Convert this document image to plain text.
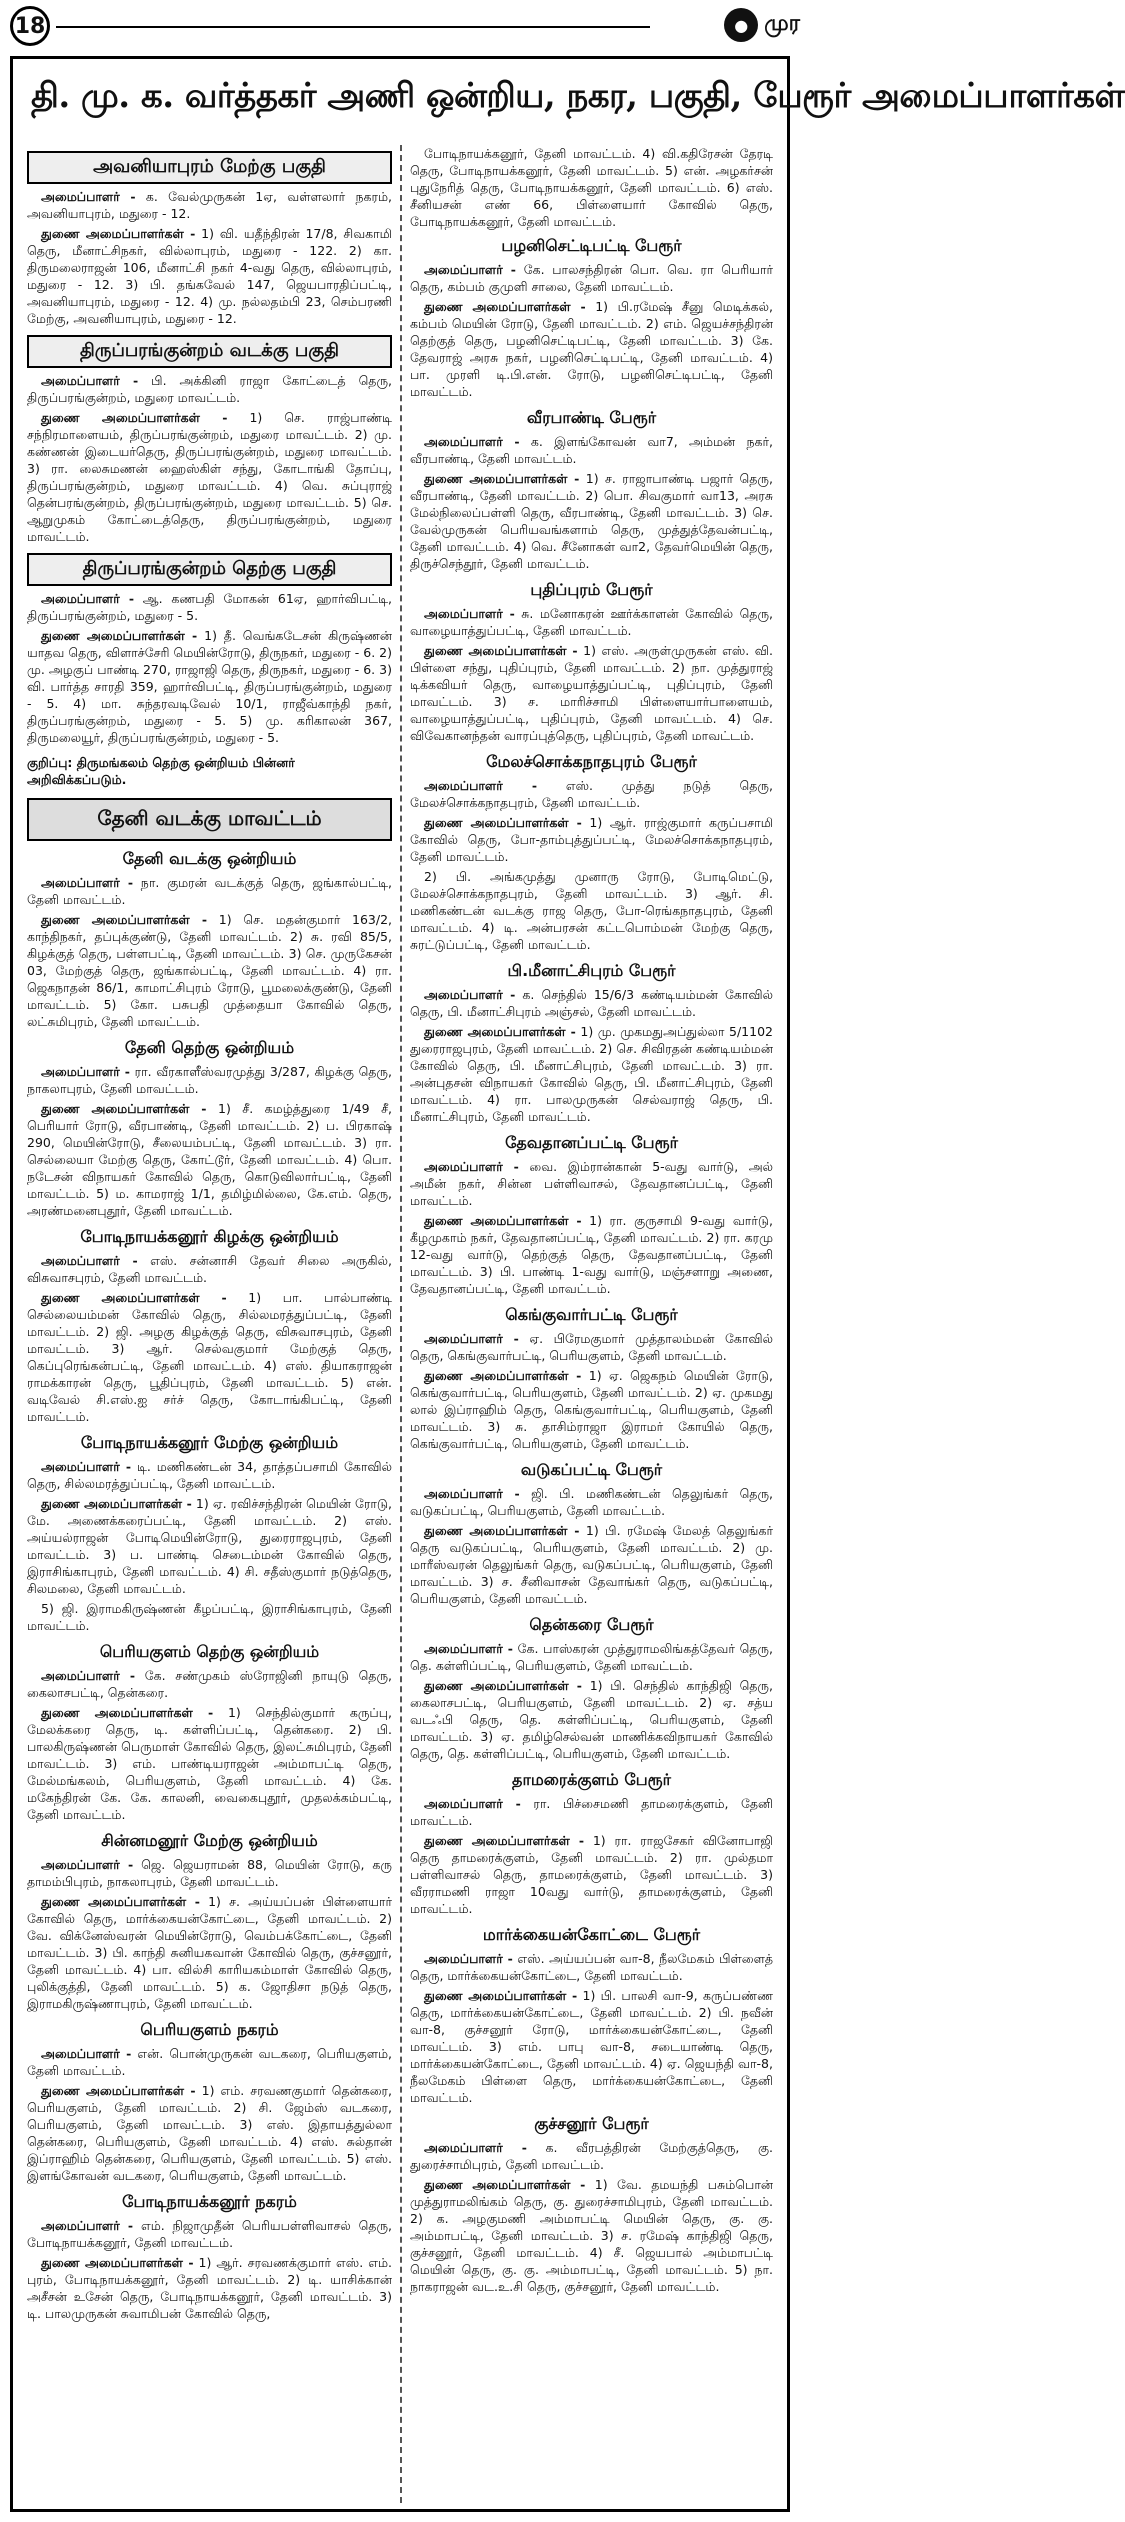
18	● முர
தி. மு. க. வர்த்தகர் அணி ஒன்றிய, நகர, பகுதி, பேரூர் அமைப்பாளர்கள்
அவனியாபுரம் மேற்கு பகுதி

அமைப்பாளர் - க. வேல்முருகன் 1ஏ, வள்ளலார் நகரம், அவனியாபுரம், மதுரை - 12.

துணை அமைப்பாளர்கள் - 1) வி. யதீந்திரன் 17/8, சிவகாமி தெரு, மீனாட்சிநகர், வில்லாபுரம், மதுரை - 122. 2) கா. திருமலைராஜன் 106, மீனாட்சி நகர் 4-வது தெரு, வில்லாபுரம், மதுரை - 12. 3) பி. தங்கவேல் 147, ஜெயபாரதிப்பட்டி, அவனியாபுரம், மதுரை - 12. 4) மு. நல்லதம்பி 23, செம்பரணி மேற்கு, அவனியாபுரம், மதுரை - 12.

திருப்பரங்குன்றம் வடக்கு பகுதி

அமைப்பாளர் - பி. அக்கினி ராஜா கோட்டைத் தெரு, திருப்பரங்குன்றம், மதுரை மாவட்டம்.

துணை அமைப்பாளர்கள் - 1) செ. ராஜ்பாண்டி சந்நிரமாளையம், திருப்பரங்குன்றம், மதுரை மாவட்டம். 2) மு. கண்ணன் இடையர்தெரு, திருப்பரங்குன்றம், மதுரை மாவட்டம். 3) ரா. லைசுமணன் ஹைஸ்கிள் சந்து, கோடாங்கி தோப்பு, திருப்பரங்குன்றம், மதுரை மாவட்டம். 4) வெ. சுப்புராஜ் தென்பரங்குன்றம், திருப்பரங்குன்றம், மதுரை மாவட்டம். 5) செ. ஆறுமுகம் கோட்டைத்தெரு, திருப்பரங்குன்றம், மதுரை மாவட்டம்.

திருப்பரங்குன்றம் தெற்கு பகுதி

அமைப்பாளர் - ஆ. கணபதி மோகன் 61ஏ, ஹார்விபட்டி, திருப்பரங்குன்றம், மதுரை - 5.

துணை அமைப்பாளர்கள் - 1) தீ. வெங்கடேசன் கிருஷ்ணன் யாதவ தெரு, விளாச்சேரி மெயின்ரோடு, திருநகர், மதுரை - 6. 2) மு. அழகுப் பாண்டி 270, ராஜாஜி தெரு, திருநகர், மதுரை - 6. 3) வி. பார்த்த சாரதி 359, ஹார்விபட்டி, திருப்பரங்குன்றம், மதுரை - 5. 4) மா. சுந்தரவடிவேல் 10/1, ராஜீவ்காந்தி நகர், திருப்பரங்குன்றம், மதுரை - 5. 5) மு. கரிகாலன் 367, திருமலையூர், திருப்பரங்குன்றம், மதுரை - 5.

குறிப்பு: திருமங்கலம் தெற்கு ஒன்றியம் பின்னர் அறிவிக்கப்படும்.
தேனி வடக்கு மாவட்டம்
தேனி வடக்கு ஒன்றியம்

அமைப்பாளர் - நா. குமரன் வடக்குத் தெரு, ஜங்கால்பட்டி, தேனி மாவட்டம்.

துணை அமைப்பாளர்கள் - 1) செ. மதன்குமார் 163/2, காந்திநகர், தப்புக்குண்டு, தேனி மாவட்டம். 2) சு. ரவி 85/5, கிழக்குத் தெரு, பள்ளபட்டி, தேனி மாவட்டம். 3) செ. முருகேசன் 03, மேற்குத் தெரு, ஜங்கால்பட்டி, தேனி மாவட்டம். 4) ரா. ஜெகநாதன் 86/1, காமாட்சிபுரம் ரோடு, பூமலைக்குண்டு, தேனி மாவட்டம். 5) கோ. பசுபதி முத்தையா கோவில் தெரு, லட்சுமிபுரம், தேனி மாவட்டம்.

தேனி தெற்கு ஒன்றியம்

அமைப்பாளர் - ரா. வீரகாளீஸ்வரமுத்து 3/287, கிழக்கு தெரு, நாகலாபுரம், தேனி மாவட்டம்.

துணை அமைப்பாளர்கள் - 1) சீ. கமழ்த்துரை 1/49 சீ, பெரியார் ரோடு, வீரபாண்டி, தேனி மாவட்டம். 2) ப. பிரகாஷ் 290, மெயின்ரோடு, சீலையம்பட்டி, தேனி மாவட்டம். 3) ரா. செல்லையா மேற்கு தெரு, கோட்டூர், தேனி மாவட்டம். 4) பொ. நடேசன் விநாயகர் கோவில் தெரு, கொடுவிலார்பட்டி, தேனி மாவட்டம். 5) ம. காமராஜ் 1/1, தமிழ்மில்லை, கே.எம். தெரு, அரண்மனைபுதூர், தேனி மாவட்டம்.

போடிநாயக்கனூர் கிழக்கு ஒன்றியம்

அமைப்பாளர் - எஸ். சன்னாசி தேவர் சிலை அருகில், விசுவாசபுரம், தேனி மாவட்டம்.

துணை அமைப்பாளர்கள் - 1) பா. பால்பாண்டி செல்லையம்மன் கோவில் தெரு, சில்லமரத்துப்பட்டி, தேனி மாவட்டம். 2) ஜி. அழகு கிழக்குத் தெரு, விசுவாசபுரம், தேனி மாவட்டம். 3) ஆர். செல்வகுமார் மேற்குத் தெரு, கெப்புரெங்கன்பட்டி, தேனி மாவட்டம். 4) எஸ். தியாகராஜன் ராமக்காரன் தெரு, பூதிப்புரம், தேனி மாவட்டம். 5) என். வடிவேல் சி.எஸ்.ஐ சர்ச் தெரு, கோடாங்கிபட்டி, தேனி மாவட்டம்.

போடிநாயக்கனூர் மேற்கு ஒன்றியம்

அமைப்பாளர் - டி. மணிகண்டன் 34, தாத்தப்பசாமி கோவில் தெரு, சில்லமரத்துப்பட்டி, தேனி மாவட்டம்.

துணை அமைப்பாளர்கள் - 1) ஏ. ரவிச்சந்திரன் மெயின் ரோடு, மே. அணைக்கரைப்பட்டி, தேனி மாவட்டம். 2) எஸ். அய்யல்ராஜன் போடிமெயின்ரோடு, துரைராஜபுரம், தேனி மாவட்டம். 3) ப. பாண்டி செடைம்மன் கோவில் தெரு, இராசிங்காபுரம், தேனி மாவட்டம். 4) சி. சதீஸ்குமார் நடுத்தெரு, சிலமலை, தேனி மாவட்டம்.

5) ஜி. இராமகிருஷ்ணன் கீழப்பட்டி, இராசிங்காபுரம், தேனி மாவட்டம்.

பெரியகுளம் தெற்கு ஒன்றியம்

அமைப்பாளர் - கே. சண்முகம் ஸ்ரோஜினி நாயுடு தெரு, கைலாசபட்டி, தென்கரை.

துணை அமைப்பாளர்கள் - 1) செந்தில்குமார் கருப்பு, மேலக்கரை தெரு, டி. கள்ளிப்பட்டி, தென்கரை. 2) பி. பாலகிருஷ்ணன் பெருமாள் கோவில் தெரு, இலட்சுமிபுரம், தேனி மாவட்டம். 3) எம். பாண்டியராஜன் அம்மாபட்டி தெரு, மேல்மங்கலம், பெரியகுளம், தேனி மாவட்டம். 4) கே. மகேந்திரன் கே. கே. காலனி, வைகைபுதூர், முதலக்கம்பட்டி, தேனி மாவட்டம்.

சின்னமனூர் மேற்கு ஒன்றியம்

அமைப்பாளர் - ஜெ. ஜெயராமன் 88, மெயின் ரோடு, கரு தாமம்பிபுரம், நாகலாபுரம், தேனி மாவட்டம்.

துணை அமைப்பாளர்கள் - 1) ச. அய்யப்பன் பிள்ளையார் கோவில் தெரு, மார்க்கையன்கோட்டை, தேனி மாவட்டம். 2) வே. விக்னேஸ்வரன் மெயின்ரோடு, வெம்பக்கோட்டை, தேனி மாவட்டம். 3) பி. காந்தி சுனியகவான் கோவில் தெரு, குச்சனூர், தேனி மாவட்டம். 4) பா. வில்சி காரியகம்மாள் கோவில் தெரு, புலிக்குத்தி, தேனி மாவட்டம். 5) க. ஜோதிசா நடுத் தெரு, இராமகிருஷ்ணாபுரம், தேனி மாவட்டம்.

பெரியகுளம் நகரம்

அமைப்பாளர் - என். பொன்முருகன் வடகரை, பெரியகுளம், தேனி மாவட்டம்.

துணை அமைப்பாளர்கள் - 1) எம். சரவணகுமார் தென்கரை, பெரியகுளம், தேனி மாவட்டம். 2) சி. ஜேம்ஸ் வடகரை, பெரியகுளம், தேனி மாவட்டம். 3) எஸ். இதாயத்துல்லா தென்கரை, பெரியகுளம், தேனி மாவட்டம். 4) எஸ். சுல்தான் இப்ராஹிம் தென்கரை, பெரியகுளம், தேனி மாவட்டம். 5) எஸ். இளங்கோவன் வடகரை, பெரியகுளம், தேனி மாவட்டம்.

போடிநாயக்கனூர் நகரம்

அமைப்பாளர் - எம். நிஜாமுதீன் பெரியபள்ளிவாசல் தெரு, போடிநாயக்கனூர், தேனி மாவட்டம்.

துணை அமைப்பாளர்கள் - 1) ஆர். சரவணக்குமார் எஸ். எம். புரம், போடிநாயக்கனூர், தேனி மாவட்டம். 2) டி. யாசிக்கான் அசீசன் உசேன் தெரு, போடிநாயக்கனூர், தேனி மாவட்டம். 3) டி. பாலமுருகன் சுவாமிபன் கோவில் தெரு,

போடிநாயக்கனூர், தேனி மாவட்டம். 4) வி.கதிரேசன் தேரடி தெரு, போடிநாயக்கனூர், தேனி மாவட்டம். 5) என். அழகர்சன் புதுநேரித் தெரு, போடிநாயக்கனூர், தேனி மாவட்டம். 6) எஸ். சீனியசன் எண் 66, பிள்ளையார் கோவில் தெரு, போடிநாயக்கனூர், தேனி மாவட்டம்.

பழனிசெட்டிபட்டி பேரூர்

அமைப்பாளர் - கே. பாலசந்திரன் பொ. வெ. ரா பெரியார் தெரு, கம்பம் குமுளி சாலை, தேனி மாவட்டம்.

துணை அமைப்பாளர்கள் - 1) பி.ரமேஷ் சீனு மெடிக்கல், கம்பம் மெயின் ரோடு, தேனி மாவட்டம். 2) எம். ஜெயச்சந்திரன் தெற்குத் தெரு, பழனிசெட்டிபட்டி, தேனி மாவட்டம். 3) கே. தேவராஜ் அரசு நகர், பழனிசெட்டிபட்டி, தேனி மாவட்டம். 4) பா. முரளி டி.பி.என். ரோடு, பழனிசெட்டிபட்டி, தேனி மாவட்டம்.

வீரபாண்டி பேரூர்

அமைப்பாளர் - க. இளங்கோவன் வா7, அம்மன் நகர், வீரபாண்டி, தேனி மாவட்டம்.

துணை அமைப்பாளர்கள் - 1) ச. ராஜாபாண்டி பஜார் தெரு, வீரபாண்டி, தேனி மாவட்டம். 2) பொ. சிவகுமார் வா13, அரசு மேல்நிலைப்பள்ளி தெரு, வீரபாண்டி, தேனி மாவட்டம். 3) செ. வேல்முருகன் பெரியவங்களாம் தெரு, முத்துத்தேவன்பட்டி, தேனி மாவட்டம். 4) வெ. சீனோகள் வா2, தேவர்மெயின் தெரு, திருச்செந்தூர், தேனி மாவட்டம்.

புதிப்புரம் பேரூர்

அமைப்பாளர் - சு. மனோகரன் ஊர்க்காளன் கோவில் தெரு, வாழையாத்துப்பட்டி, தேனி மாவட்டம்.

துணை அமைப்பாளர்கள் - 1) எஸ். அருள்முருகன் எஸ். வி. பிள்ளை சந்து, புதிப்புரம், தேனி மாவட்டம். 2) நா. முத்துராஜ் டிக்கவியர் தெரு, வாழையாத்துப்பட்டி, புதிப்புரம், தேனி மாவட்டம். 3) ச. மாரிச்சாமி பிள்ளையார்பாளையம், வாழையாத்துப்பட்டி, புதிப்புரம், தேனி மாவட்டம். 4) செ. விவேகானந்தன் வாரப்புத்தெரு, புதிப்புரம், தேனி மாவட்டம்.

மேலச்சொக்கநாதபுரம் பேரூர்

அமைப்பாளர் - எஸ். முத்து நடுத் தெரு, மேலச்சொக்கநாதபுரம், தேனி மாவட்டம்.

துணை அமைப்பாளர்கள் - 1) ஆர். ராஜ்குமார் கருப்பசாமி கோவில் தெரு, போ-தாம்புத்துப்பட்டி, மேலச்சொக்கநாதபுரம், தேனி மாவட்டம்.

2) பி. அங்கமுத்து முனாரு ரோடு, போடிமெட்டு, மேலச்சொக்கநாதபுரம், தேனி மாவட்டம். 3) ஆர். சி. மணிகண்டன் வடக்கு ராஜ தெரு, போ-ரெங்கநாதபுரம், தேனி மாவட்டம். 4) டி. அன்பரசன் கட்டபொம்மன் மேற்கு தெரு, சுரட்டுப்பட்டி, தேனி மாவட்டம்.

பி.மீனாட்சிபுரம் பேரூர்

அமைப்பாளர் - க. செந்தில் 15/6/3 கண்டியம்மன் கோவில் தெரு, பி. மீனாட்சிபுரம் அஞ்சல், தேனி மாவட்டம்.

துணை அமைப்பாளர்கள் - 1) மு. முகமதுஅப்துல்லா 5/1102 துரைராஜபுரம், தேனி மாவட்டம். 2) செ. சிவிரதன் கண்டியம்மன் கோவில் தெரு, பி. மீனாட்சிபுரம், தேனி மாவட்டம். 3) ரா. அன்புதசன் விநாயகர் கோவில் தெரு, பி. மீனாட்சிபுரம், தேனி மாவட்டம். 4) ரா. பாலமுருகன் செல்வராஜ் தெரு, பி. மீனாட்சிபுரம், தேனி மாவட்டம்.

தேவதானப்பட்டி பேரூர்

அமைப்பாளர் - வை. இம்ரான்கான் 5-வது வார்டு, அல் அமீன் நகர், சின்ன பள்ளிவாசல், தேவதானப்பட்டி, தேனி மாவட்டம்.

துணை அமைப்பாளர்கள் - 1) ரா. குருசாமி 9-வது வார்டு, கீழமுகாம் நகர், தேவதானப்பட்டி, தேனி மாவட்டம். 2) ரா. கரமு 12-வது வார்டு, தெற்குத் தெரு, தேவதானப்பட்டி, தேனி மாவட்டம். 3) பி. பாண்டி 1-வது வார்டு, மஞ்சளாறு அணை, தேவதானப்பட்டி, தேனி மாவட்டம்.

கெங்குவார்பட்டி பேரூர்

அமைப்பாளர் - ஏ. பிரேமகுமார் முத்தாலம்மன் கோவில் தெரு, கெங்குவார்பட்டி, பெரியகுளம், தேனி மாவட்டம்.

துணை அமைப்பாளர்கள் - 1) ஏ. ஜெகநம் மெயின் ரோடு, கெங்குவார்பட்டி, பெரியகுளம், தேனி மாவட்டம். 2) ஏ. முகமது லால் இப்ராஹிம் தெரு, கெங்குவார்பட்டி, பெரியகுளம், தேனி மாவட்டம். 3) சு. தாசிம்ராஜா இராமர் கோயில் தெரு, கெங்குவார்பட்டி, பெரியகுளம், தேனி மாவட்டம்.

வடுகப்பட்டி பேரூர்

அமைப்பாளர் - ஜி. பி. மணிகண்டன் தெலுங்கர் தெரு, வடுகப்பட்டி, பெரியகுளம், தேனி மாவட்டம்.

துணை அமைப்பாளர்கள் - 1) பி. ரமேஷ் மேலத் தெலுங்கர் தெரு வடுகப்பட்டி, பெரியகுளம், தேனி மாவட்டம். 2) மு. மாரீஸ்வரன் தெலுங்கர் தெரு, வடுகப்பட்டி, பெரியகுளம், தேனி மாவட்டம். 3) ச. சீனிவாசன் தேவாங்கர் தெரு, வடுகப்பட்டி, பெரியகுளம், தேனி மாவட்டம்.

தென்கரை பேரூர்

அமைப்பாளர் - கே. பாஸ்கரன் முத்துராமலிங்கத்தேவர் தெரு, தெ. கள்ளிப்பட்டி, பெரியகுளம், தேனி மாவட்டம்.

துணை அமைப்பாளர்கள் - 1) பி. செந்தில் காந்திஜி தெரு, கைலாசபட்டி, பெரியகுளம், தேனி மாவட்டம். 2) ஏ. சத்ய வடஃபி தெரு, தெ. கள்ளிப்பட்டி, பெரியகுளம், தேனி மாவட்டம். 3) ஏ. தமிழ்செல்வன் மாணிக்கவிநாயகர் கோவில் தெரு, தெ. கள்ளிப்பட்டி, பெரியகுளம், தேனி மாவட்டம்.

தாமரைக்குளம் பேரூர்

அமைப்பாளர் - ரா. பிச்சைமணி தாமரைக்குளம், தேனி மாவட்டம்.

துணை அமைப்பாளர்கள் - 1) ரா. ராஜசேகர் வினோபாஜி தெரு தாமரைக்குளம், தேனி மாவட்டம். 2) ரா. முல்தமா பள்ளிவாசல் தெரு, தாமரைக்குளம், தேனி மாவட்டம். 3) வீரராமணி ராஜா 10வது வார்டு, தாமரைக்குளம், தேனி மாவட்டம்.

மார்க்கையன்கோட்டை பேரூர்

அமைப்பாளர் - எஸ். அய்யப்பன் வா-8, நீலமேகம் பிள்ளைத் தெரு, மார்க்கையன்கோட்டை, தேனி மாவட்டம்.

துணை அமைப்பாளர்கள் - 1) பி. பாலசி வா-9, கருப்பண்ண தெரு, மார்க்கையன்கோட்டை, தேனி மாவட்டம். 2) பி. நவீன் வா-8, குச்சனூர் ரோடு, மார்க்கையன்கோட்டை, தேனி மாவட்டம். 3) எம். பாபு வா-8, சடையாண்டி தெரு, மார்க்கையன்கோட்டை, தேனி மாவட்டம். 4) ஏ. ஜெயந்தி வா-8, நீலமேகம் பிள்ளை தெரு, மார்க்கையன்கோட்டை, தேனி மாவட்டம்.

குச்சனூர் பேரூர்

அமைப்பாளர் - க. வீரபத்திரன் மேற்குத்தெரு, கு. துரைச்சாமிபுரம், தேனி மாவட்டம்.

துணை அமைப்பாளர்கள் - 1) வே. தமயந்தி பசும்பொன் முத்துராமலிங்கம் தெரு, கு. துரைச்சாமிபுரம், தேனி மாவட்டம். 2) க. அழகுமணி அம்மாபட்டி மெயின் தெரு, கு. கு. அம்மாபட்டி, தேனி மாவட்டம். 3) ச. ரமேஷ் காந்திஜி தெரு, குச்சனூர், தேனி மாவட்டம். 4) சீ. ஜெயபால் அம்மாபட்டி மெயின் தெரு, கு. கு. அம்மாபட்டி, தேனி மாவட்டம். 5) நா. நாகராஜன் வட.உ.சி தெரு, குச்சனூர், தேனி மாவட்டம்.
